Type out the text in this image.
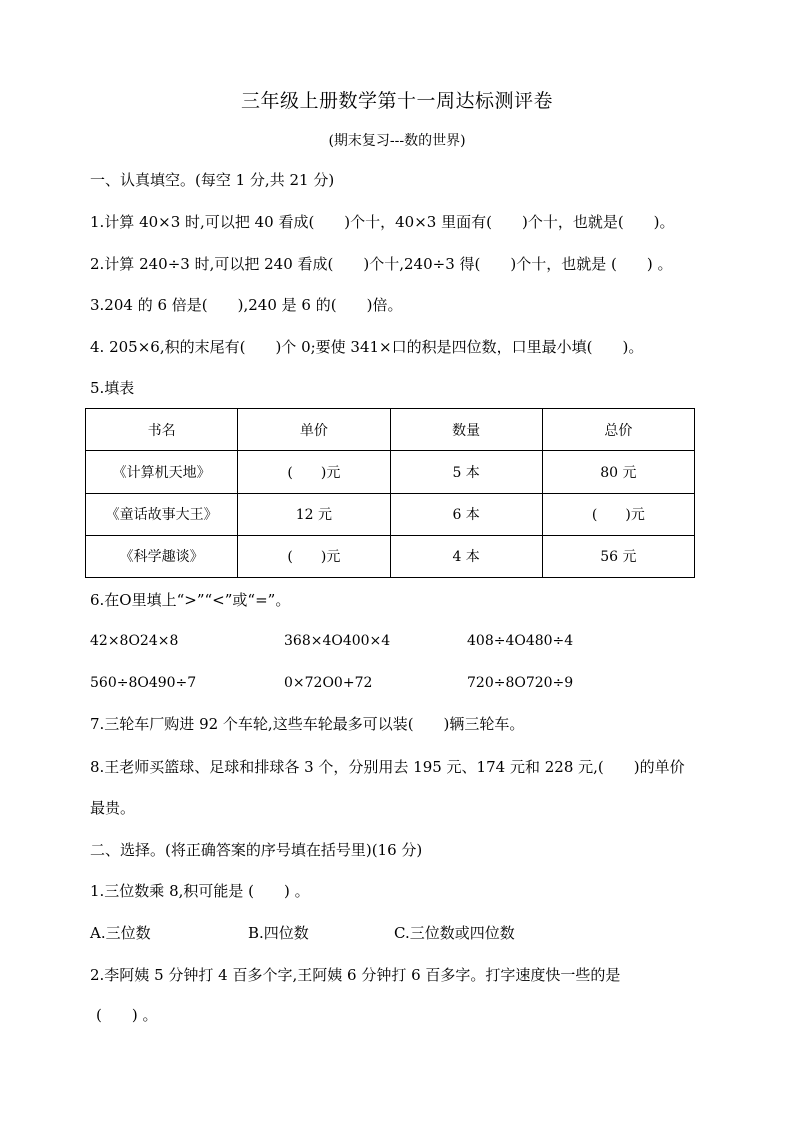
三年级上册数学第十一周达标测评卷
(期末复习---数的世界)
一、认真填空。(每空 1 分,共 21 分)
1.计算 40×3 时,可以把 40 看成(　　)个十，40×3 里面有(　　)个十，也就是(　　)。
2.计算 240÷3 时,可以把 240 看成(　　)个十,240÷3 得(　　)个十，也就是 (　　) 。
3.204 的 6 倍是(　　),240 是 6 的(　　)倍。
4. 205×6,积的末尾有(　　)个 0;要使 341×口的积是四位数，口里最小填(　　)。
5.填表
书名	单价	数量	总价
《计算机天地》	(　　)元	5 本	80 元
《童话故事大王》	12 元	6 本	(　　)元
《科学趣谈》	(　　)元	4 本	56 元
6.在O里填上“>”“<”或“=”。
42×8O24×8	368×4O400×4	408÷4O480÷4
560÷8O490÷7	0×72O0+72	720÷8O720÷9
7.三轮车厂购进 92 个车轮,这些车轮最多可以装(　　)辆三轮车。
8.王老师买篮球、足球和排球各 3 个，分别用去 195 元、174 元和 228 元,(　　)的单价
最贵。
二、选择。(将正确答案的序号填在括号里)(16 分)
1.三位数乘 8,积可能是 (　　) 。
A.三位数	B.四位数	C.三位数或四位数
2.李阿姨 5 分钟打 4 百多个字,王阿姨 6 分钟打 6 百多字。打字速度快一些的是
(　　) 。
